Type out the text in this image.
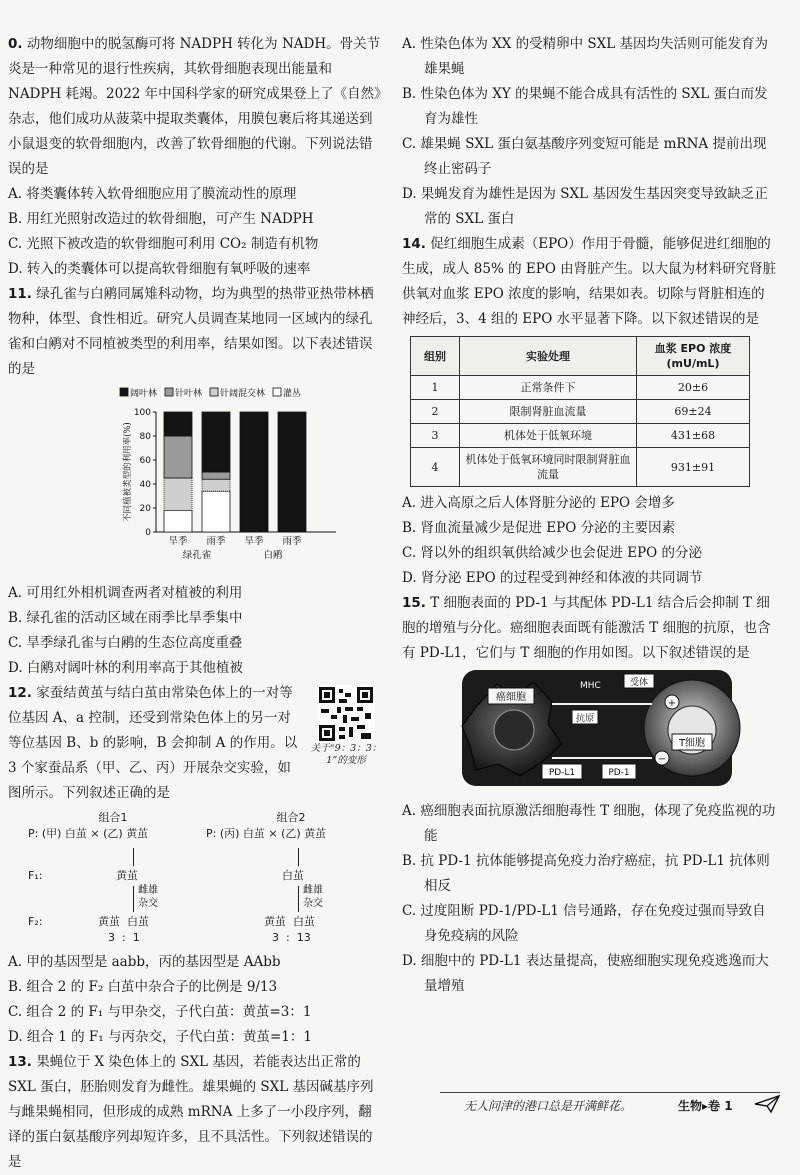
0. 动物细胞中的脱氢酶可将 NADPH 转化为 NADH。骨关节炎是一种常见的退行性疾病，其软骨细胞表现出能量和 NADPH 耗竭。2022 年中国科学家的研究成果登上了《自然》杂志，他们成功从菠菜中提取类囊体，用膜包裹后将其递送到小鼠退变的软骨细胞内，改善了软骨细胞的代谢。下列说法错误的是

A. 将类囊体转入软骨细胞应用了膜流动性的原理

B. 用红光照射改造过的软骨细胞，可产生 NADPH

C. 光照下被改造的软骨细胞可利用 CO₂ 制造有机物

D. 转入的类囊体可以提高软骨细胞有氧呼吸的速率

11. 绿孔雀与白鹇同属雉科动物，均为典型的热带亚热带林栖物种，体型、食性相近。研究人员调查某地同一区域内的绿孔雀和白鹇对不同植被类型的利用率，结果如图。以下表述错误的是

阔叶林 针叶林 针阔混交林 灌丛
0
20
40
60
80
100
不同植被类型的利用率(%)
旱季 雨季 旱季 雨季
绿孔雀	白鹇

A. 可用红外相机调查两者对植被的利用

B. 绿孔雀的活动区域在雨季比旱季集中

C. 旱季绿孔雀与白鹇的生态位高度重叠

D. 白鹇对阔叶林的利用率高于其他植被

12. 家蚕结黄茧与结白茧由常染色体上的一对等位基因 A、a 控制，还受到常染色体上的另一对等位基因 B、b 的影响，B 会抑制 A 的作用。以 3 个家蚕品系（甲、乙、丙）开展杂交实验，如图所示。下列叙述正确的是

关于“9：3：3：1”的变形
组合1
P: (甲) 白茧 × (乙) 黄茧
F₁:	黄茧
雌雄杂交
F₂:	黄茧  白茧
3  :  1
组合2
P: (丙) 白茧 × (乙) 黄茧
白茧
雌雄杂交
黄茧  白茧
3  :  13

A. 甲的基因型是 aabb，丙的基因型是 AAbb

B. 组合 2 的 F₂ 白茧中杂合子的比例是 9/13

C. 组合 2 的 F₁ 与甲杂交，子代白茧：黄茧=3：1

D. 组合 1 的 F₁ 与丙杂交，子代白茧：黄茧=1：1

13. 果蝇位于 X 染色体上的 SXL 基因，若能表达出正常的 SXL 蛋白，胚胎则发育为雌性。雄果蝇的 SXL 基因碱基序列与雌果蝇相同，但形成的成熟 mRNA 上多了一小段序列，翻译的蛋白氨基酸序列却短许多，且不具活性。下列叙述错误的是

A. 性染色体为 XX 的受精卵中 SXL 基因均失活则可能发育为雄果蝇

B. 性染色体为 XY 的果蝇不能合成具有活性的 SXL 蛋白而发育为雄性

C. 雄果蝇 SXL 蛋白氨基酸序列变短可能是 mRNA 提前出现终止密码子

D. 果蝇发育为雄性是因为 SXL 基因发生基因突变导致缺乏正常的 SXL 蛋白

14. 促红细胞生成素（EPO）作用于骨髓，能够促进红细胞的生成，成人 85% 的 EPO 由肾脏产生。以大鼠为材料研究肾脏供氧对血浆 EPO 浓度的影响，结果如表。切除与肾脏相连的神经后，3、4 组的 EPO 水平显著下降。以下叙述错误的是

组别	实验处理	血浆 EPO 浓度 (mU/mL)
1	正常条件下	20±6
2	限制肾脏血流量	69±24
3	机体处于低氧环境	431±68
4	机体处于低氧环境同时限制肾脏血流量	931±91

A. 进入高原之后人体肾脏分泌的 EPO 会增多

B. 肾血流量减少是促进 EPO 分泌的主要因素

C. 肾以外的组织氧供给减少也会促进 EPO 的分泌

D. 肾分泌 EPO 的过程受到神经和体液的共同调节

15. T 细胞表面的 PD-1 与其配体 PD-L1 结合后会抑制 T 细胞的增殖与分化。癌细胞表面既有能激活 T 细胞的抗原，也含有 PD-L1，它们与 T 细胞的作用如图。以下叙述错误的是

癌细胞
T细胞
+
−
MHC	受体
抗原
PD-L1	PD-1

A. 癌细胞表面抗原激活细胞毒性 T 细胞，体现了免疫监视的功能

B. 抗 PD-1 抗体能够提高免疫力治疗癌症，抗 PD-L1 抗体则相反

C. 过度阻断 PD-1/PD-L1 信号通路，存在免疫过强而导致自身免疫病的风险

D. 细胞中的 PD-L1 表达量提高，使癌细胞实现免疫逃逸而大量增殖

无人问津的港口总是开满鲜花。	生物▸卷 1
